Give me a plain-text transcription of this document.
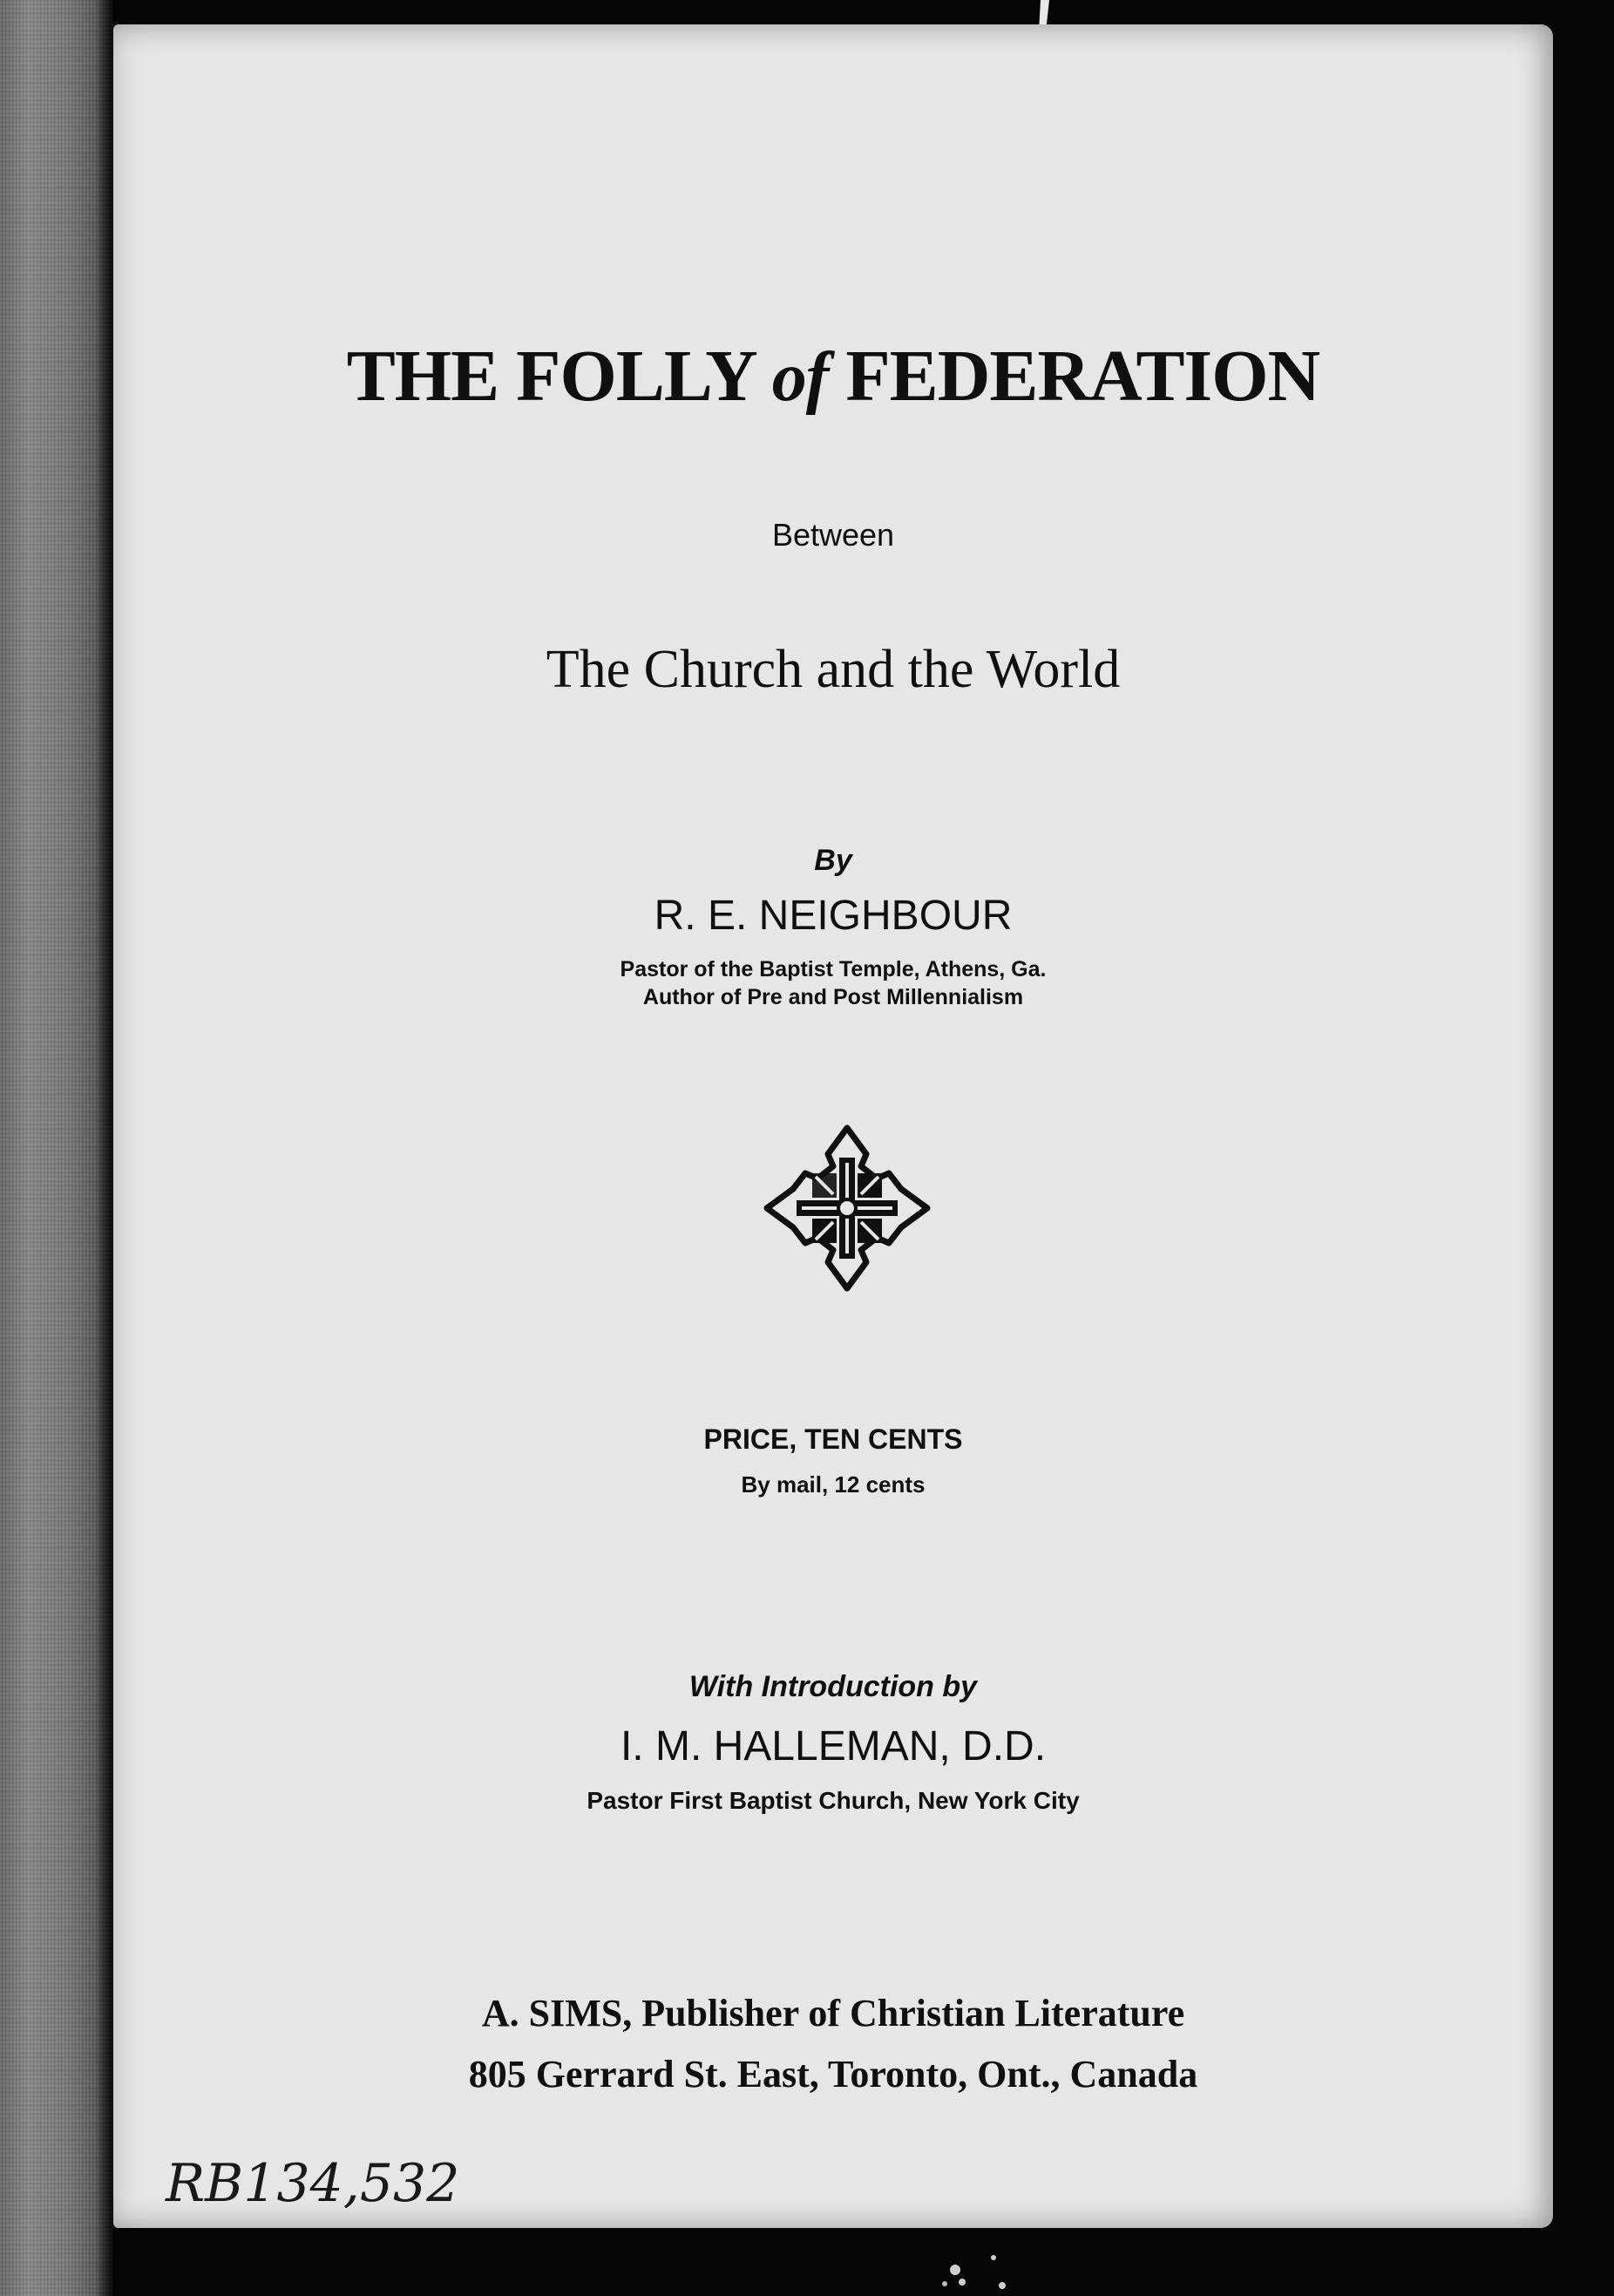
THE FOLLY of FEDERATION

Between

The Church and the World

By

R. E. NEIGHBOUR

Pastor of the Baptist Temple, Athens, Ga.

Author of Pre and Post Millennialism

PRICE, TEN CENTS

By mail, 12 cents

With Introduction by

I. M. HALLEMAN, D.D.

Pastor First Baptist Church, New York City

A. SIMS, Publisher of Christian Literature

805 Gerrard St. East, Toronto, Ont., Canada

RB134,532
